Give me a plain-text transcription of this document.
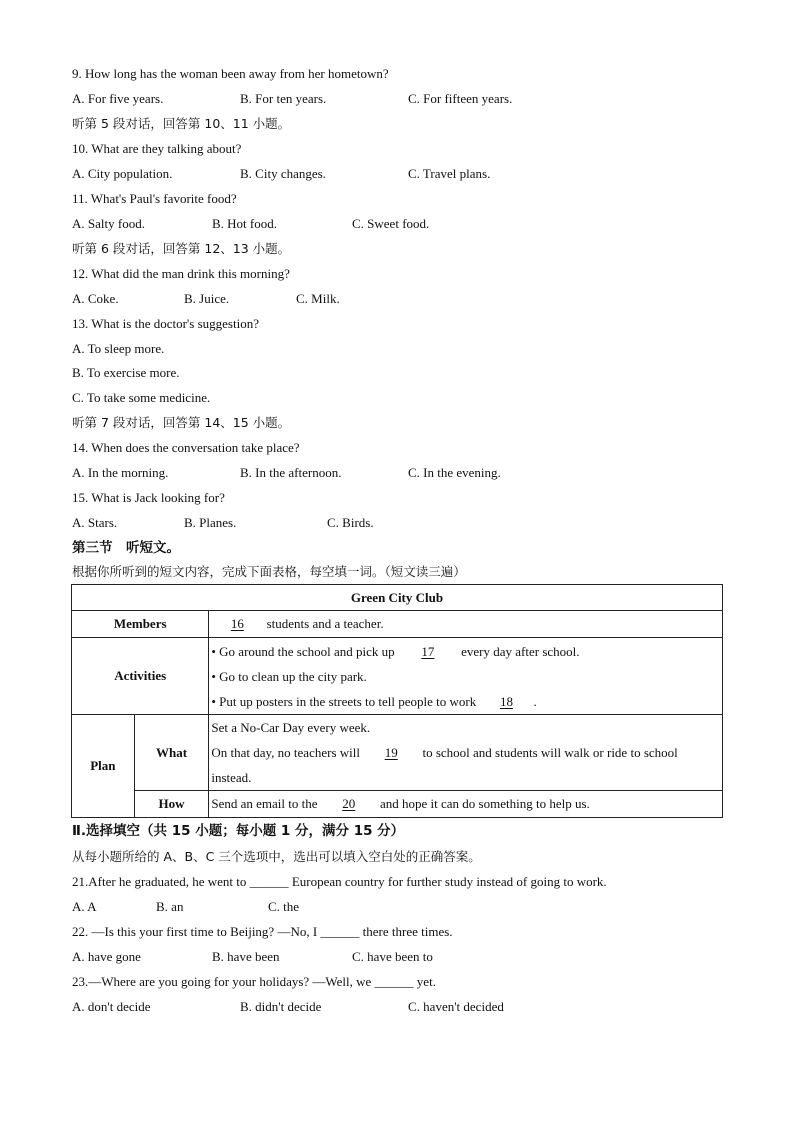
9. How long has the woman been away from her hometown?
A. For five years.	B. For ten years.	C. For fifteen years.
听第 5 段对话，回答第 10、11 小题。
10. What are they talking about?
A. City population.	B. City changes.	C. Travel plans.
11. What's Paul's favorite food?
A. Salty food.	B. Hot food.	C. Sweet food.
听第 6 段对话，回答第 12、13 小题。
12. What did the man drink this morning?
A. Coke.	B. Juice.	C. Milk.
13. What is the doctor's suggestion?
A. To sleep more.
B. To exercise more.
C. To take some medicine.
听第 7 段对话，回答第 14、15 小题。
14. When does the conversation take place?
A. In the morning.	B. In the afternoon.	C. In the evening.
15. What is Jack looking for?
A. Stars.	B. Planes.	C. Birds.
第三节　听短文。
根据你所听到的短文内容，完成下面表格，每空填一词。（短文读三遍）
Green City Club		
Members		16 students and a teacher.
Activities		• Go around the school and pick up 17 every day after school.
• Go to clean up the city park.
• Put up posters in the streets to tell people to work 18 .

Plan	What	Set a No-Car Day every week.
On that day, no teachers will 19 to school and students will walk or ride to school
instead.

	How	Send an email to the 20 and hope it can do something to help us.
Ⅱ.选择填空（共 15 小题；每小题 1 分，满分 15 分）
从每小题所给的 A、B、C 三个选项中，选出可以填入空白处的正确答案。
21.After he graduated, he went to ______ European country for further study instead of going to work.
A. A	B. an	C. the
22. —Is this your first time to Beijing? —No, I ______ there three times.
A. have gone	B. have been	C. have been to
23.—Where are you going for your holidays? —Well, we ______ yet.
A. don't decide	B. didn't decide	C. haven't decided
